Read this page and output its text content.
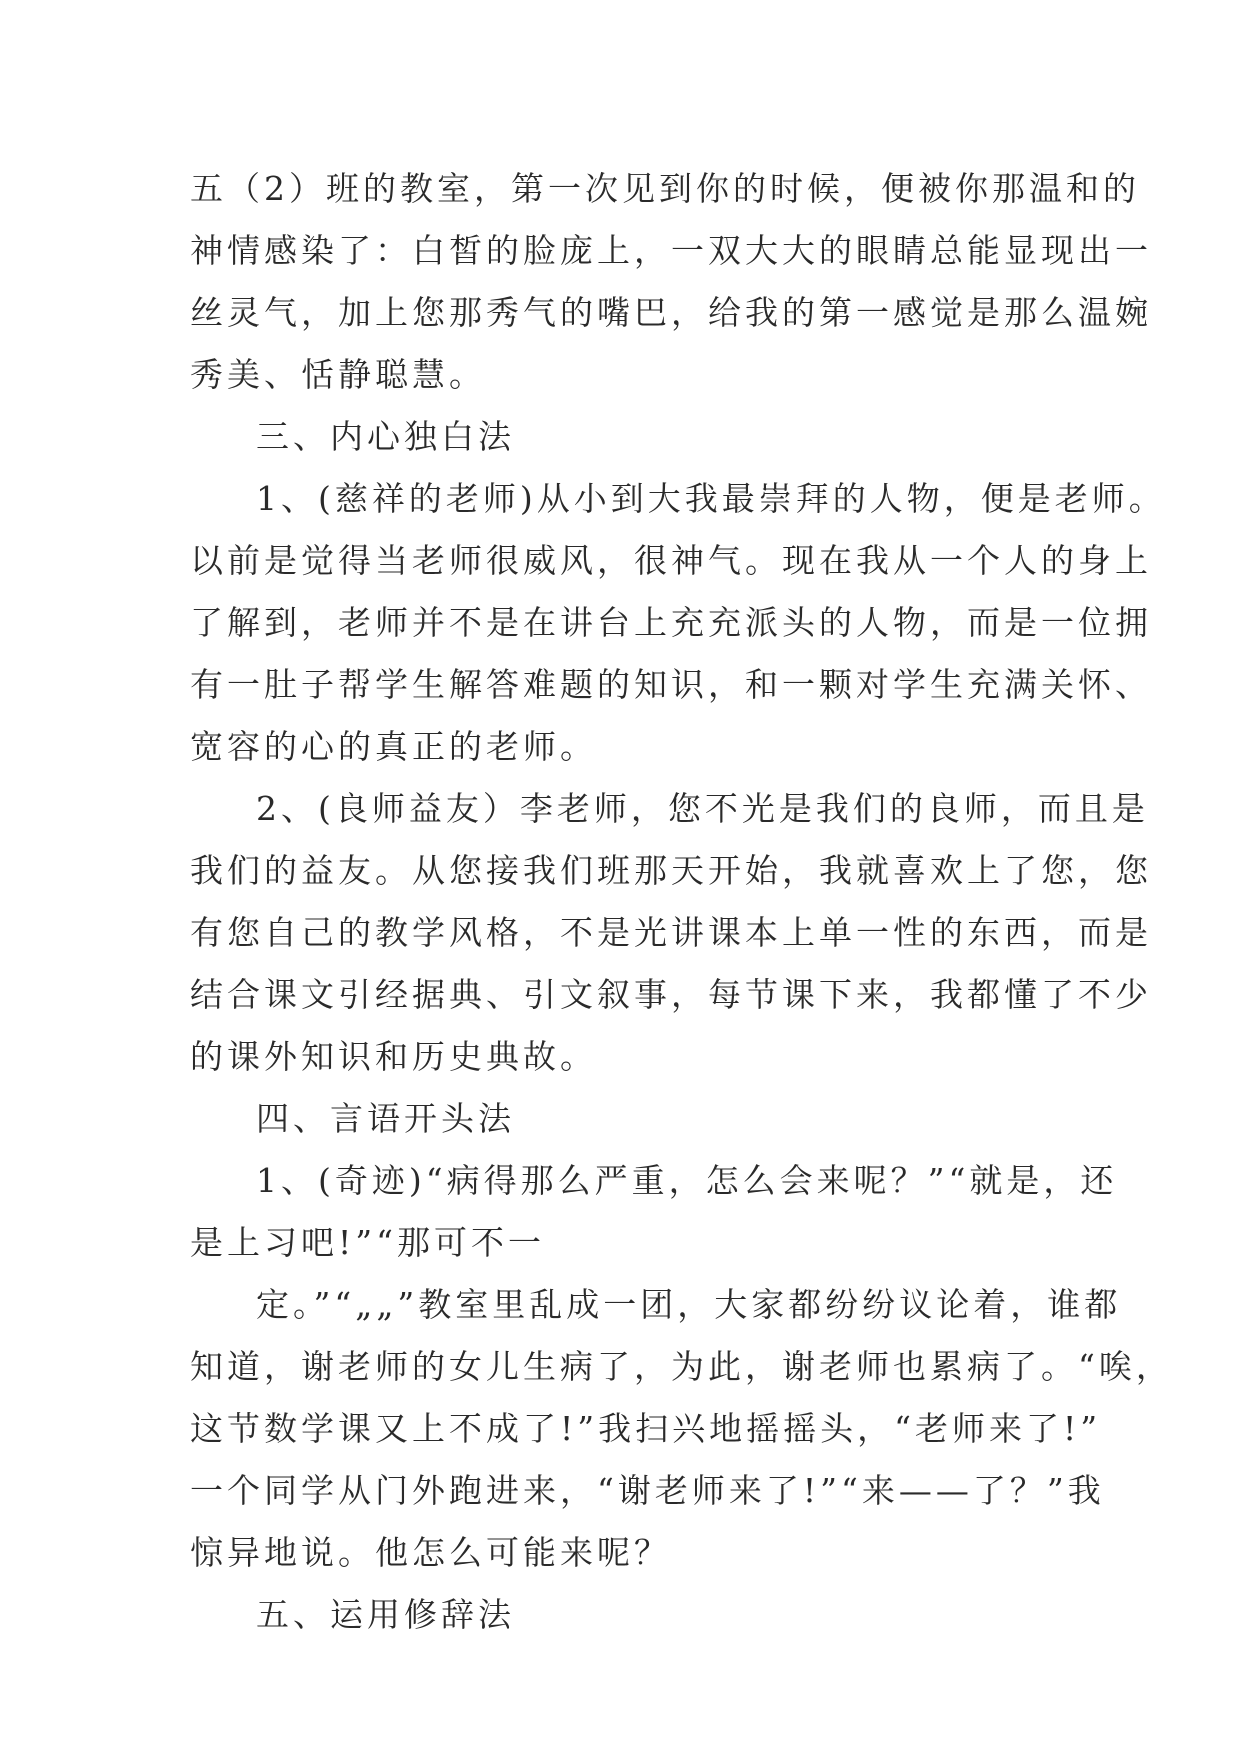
五（2）班的教室，第一次见到你的时候，便被你那温和的

神情感染了：白皙的脸庞上，一双大大的眼睛总能显现出一

丝灵气，加上您那秀气的嘴巴，给我的第一感觉是那么温婉

秀美、恬静聪慧。

三、内心独白法

1、(慈祥的老师)从小到大我最崇拜的人物，便是老师。

以前是觉得当老师很威风，很神气。现在我从一个人的身上

了解到，老师并不是在讲台上充充派头的人物，而是一位拥

有一肚子帮学生解答难题的知识，和一颗对学生充满关怀、

宽容的心的真正的老师。

2、(良师益友）李老师，您不光是我们的良师，而且是

我们的益友。从您接我们班那天开始，我就喜欢上了您，您

有您自己的教学风格，不是光讲课本上单一性的东西，而是

结合课文引经据典、引文叙事，每节课下来，我都懂了不少

的课外知识和历史典故。

四、言语开头法

1、(奇迹)“病得那么严重，怎么会来呢？”“就是，还

是上习吧!”“那可不一

定。”“„„”教室里乱成一团，大家都纷纷议论着，谁都

知道，谢老师的女儿生病了，为此，谢老师也累病了。“唉，

这节数学课又上不成了!”我扫兴地摇摇头，“老师来了!”

一个同学从门外跑进来，“谢老师来了!”“来——了？”我

惊异地说。他怎么可能来呢？

五、运用修辞法
